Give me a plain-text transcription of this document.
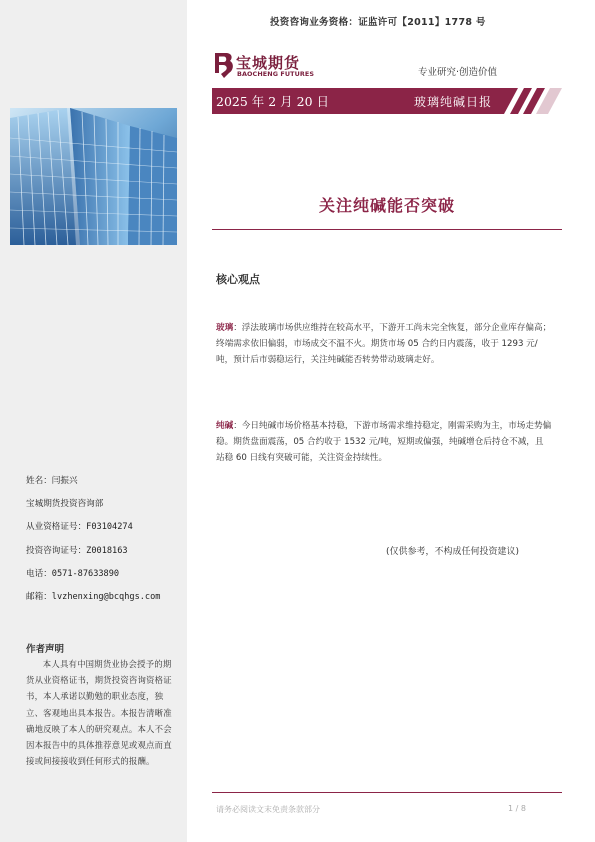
投资咨询业务资格：证监许可【2011】1778 号
宝城期货
BAOCHENG FUTURES	专业研究·创造价值
2025 年 2 月 20 日	玻璃纯碱日报
关注纯碱能否突破
核心观点
玻璃：浮法玻璃市场供应维持在较高水平，下游开工尚未完全恢复，部分企业库存偏高；终端需求依旧偏弱，市场成交不温不火。期货市场 05 合约日内震荡，收于 1293 元/吨，预计后市弱稳运行，关注纯碱能否转势带动玻璃走好。
纯碱：今日纯碱市场价格基本持稳，下游市场需求维持稳定，刚需采购为主，市场走势偏稳。期货盘面震荡，05 合约收于 1532 元/吨，短期或偏强，纯碱增仓后持仓不减，且站稳 60 日线有突破可能，关注资金持续性。
(仅供参考，不构成任何投资建议)
姓名：闫振兴
宝城期货投资咨询部
从业资格证号：F03104274
投资咨询证号：Z0018163
电话：0571-87633890
邮箱：lvzhenxing@bcqhgs.com
作者声明
本人具有中国期货业协会授予的期货从业资格证书，期货投资咨询资格证书，本人承诺以勤勉的职业态度，独立、客观地出具本报告。本报告清晰准确地反映了本人的研究观点。本人不会因本报告中的具体推荐意见或观点而直接或间接接收到任何形式的报酬。
请务必阅读文末免责条款部分	1 / 8
